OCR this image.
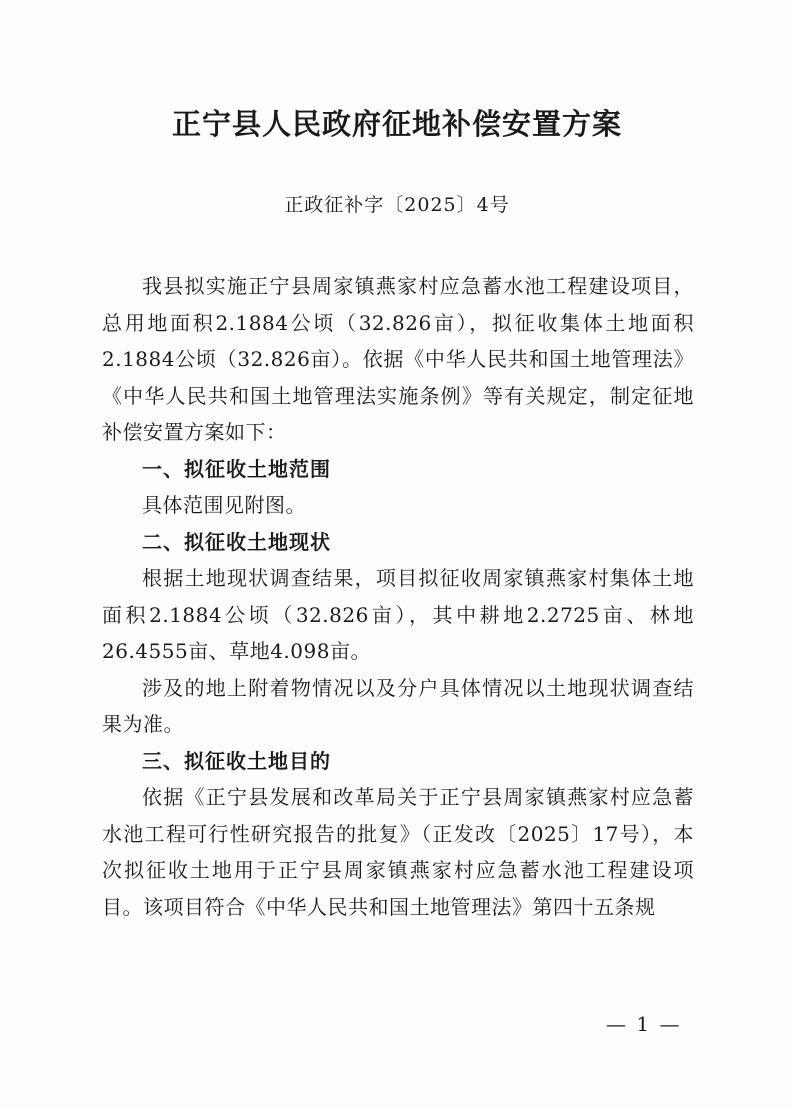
正宁县人民政府征地补偿安置方案
正政征补字〔2025〕4号

我县拟实施正宁县周家镇燕家村应急蓄水池工程建设项目，总用地面积2.1884公顷（32.826亩），拟征收集体土地面积2.1884公顷（32.826亩）。依据《中华人民共和国土地管理法》《中华人民共和国土地管理法实施条例》等有关规定，制定征地补偿安置方案如下：

一、拟征收土地范围

具体范围见附图。

二、拟征收土地现状

根据土地现状调查结果，项目拟征收周家镇燕家村集体土地面积2.1884公顷（32.826亩），其中耕地2.2725亩、林地26.4555亩、草地4.098亩。

涉及的地上附着物情况以及分户具体情况以土地现状调查结果为准。

三、拟征收土地目的

依据《正宁县发展和改革局关于正宁县周家镇燕家村应急蓄水池工程可行性研究报告的批复》（正发改〔2025〕17号），本次拟征收土地用于正宁县周家镇燕家村应急蓄水池工程建设项目。该项目符合《中华人民共和国土地管理法》第四十五条规

— 1 —
